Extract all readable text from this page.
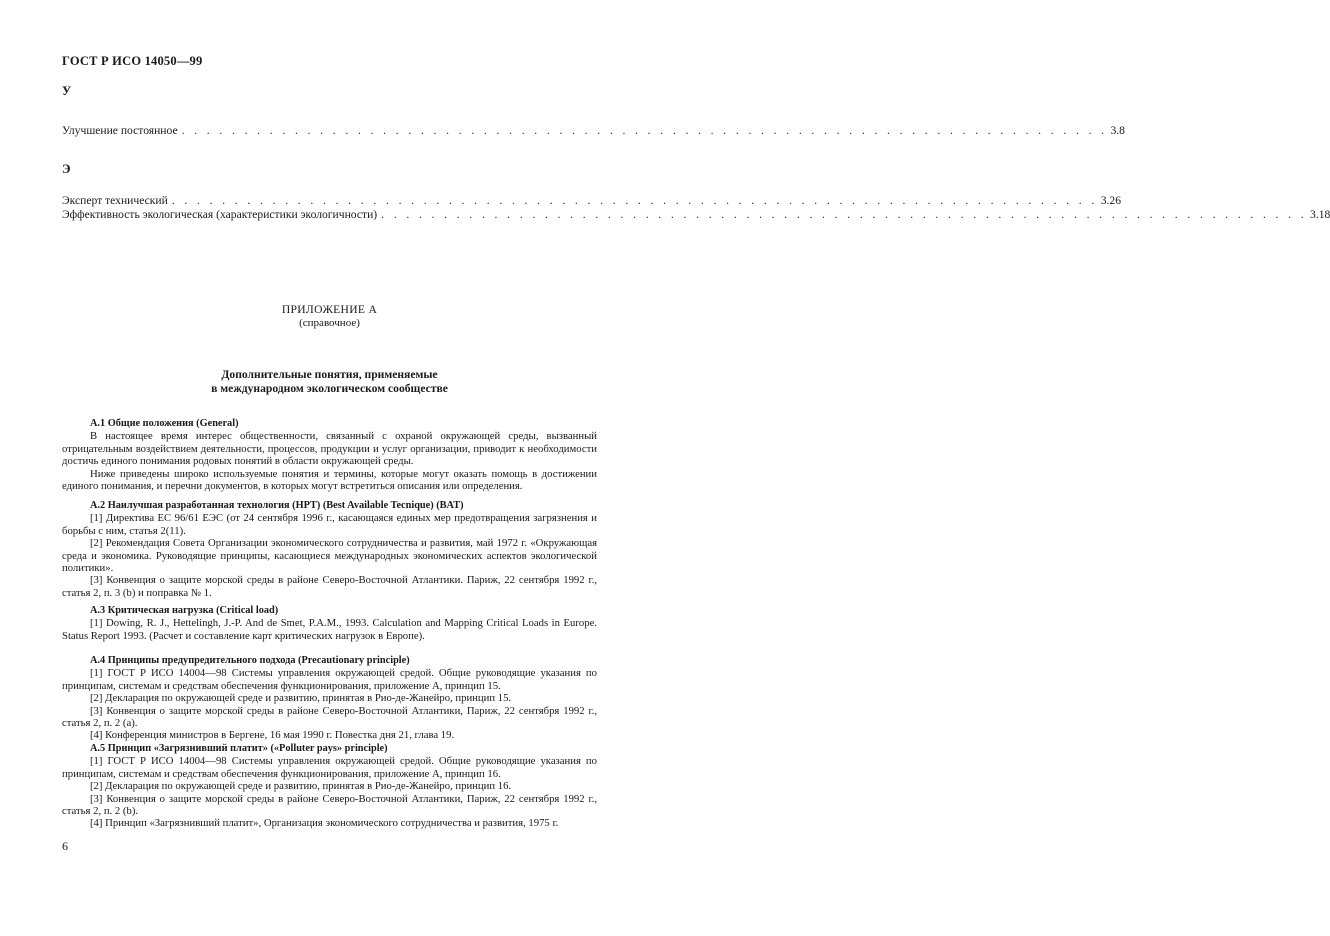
ГОСТ Р ИСО 14050—99
У
Улучшение постоянное . . . . . . . . . . . . . . . . . . . . . . . . . . . . . . . . . . . . . . . . . . . . . . . . . . . . . . . . . . . . . . . . . . . . . . . . . . 3.8
Э
Эксперт технический . . . . . . . . . . . . . . . . . . . . . . . . . . . . . . . . . . . . . . . . . . . . . . . . . . . . . . . . . . . . . . . . . . . . . . . . . . 3.26
Эффективность экологическая (характеристики экологичности) . . . . . . . . . . . . . . . . . . . . . . . . . . . . . . . . . . . . . . . . . . . . . . . . . . . . . . . . . . . . . . . . . . . . . . . . . . 3.18
ПРИЛОЖЕНИЕ А
(справочное)
Дополнительные понятия, применяемые
в международном экологическом сообществе

А.1 Общие положения (General)

В настоящее время интерес общественности, связанный с охраной окружающей среды, вызванный отрицательным воздействием деятельности, процессов, продукции и услуг организации, приводит к необходимости достичь единого понимания родовых понятий в области окружающей среды.

Ниже приведены широко используемые понятия и термины, которые могут оказать помощь в достижении единого понимания, и перечни документов, в которых могут встретиться описания или определения.

А.2 Наилучшая разработанная технология (НРТ) (Best Available Tecnique) (BAT)

[1] Директива ЕС 96/61 ЕЭС (от 24 сентября 1996 г., касающаяся единых мер предотвращения загрязнения и борьбы с ним, статья 2(11).

[2] Рекомендация Совета Организации экономического сотрудничества и развития, май 1972 г. «Окружающая среда и экономика. Руководящие принципы, касающиеся международных экономических аспектов экологической политики».

[3] Конвенция о защите морской среды в районе Северо-Восточной Атлантики. Париж, 22 сентября 1992 г., статья 2, п. 3 (b) и поправка № 1.

А.3 Критическая нагрузка (Critical load)

[1] Dowing, R. J., Hettelingh, J.-P. And de Smet, P.A.M., 1993. Calculation and Mapping Critical Loads in Europe. Status Report 1993. (Расчет и составление карт критических нагрузок в Европе).

А.4 Принципы предупредительного подхода (Precautionary principle)

[1] ГОСТ Р ИСО 14004—98 Системы управления окружающей средой. Общие руководящие указания по принципам, системам и средствам обеспечения функционирования, приложение А, принцип 15.

[2] Декларация по окружающей среде и развитию, принятая в Рио-де-Жанейро, принцип 15.

[3] Конвенция о защите морской среды в районе Северо-Восточной Атлантики, Париж, 22 сентября 1992 г., статья 2, п. 2 (а).

[4] Конференция министров в Бергене, 16 мая 1990 г. Повестка дня 21, глава 19.

А.5 Принцип «Загрязнивший платит» («Polluter pays» principle)

[1] ГОСТ Р ИСО 14004—98 Системы управления окружающей средой. Общие руководящие указания по принципам, системам и средствам обеспечения функционирования, приложение А, принцип 16.

[2] Декларация по окружающей среде и развитию, принятая в Рио-де-Жанейро, принцип 16.

[3] Конвенция о защите морской среды в районе Северо-Восточной Атлантики, Париж, 22 сентября 1992 г., статья 2, п. 2 (b).

[4] Принцип «Загрязнивший платит», Организация экономического сотрудничества и развития, 1975 г.

6
